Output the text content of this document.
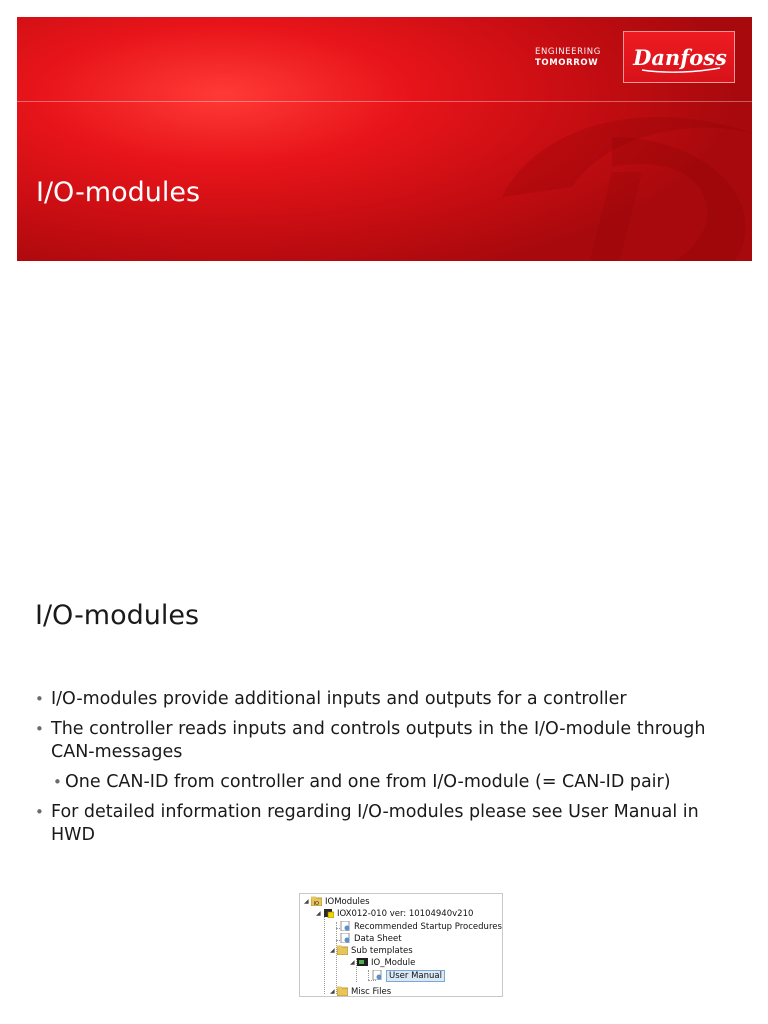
ENGINEERING
TOMORROW	Danfoss
I/O-modules
I/O-modules
• I/O-modules provide additional inputs and outputs for a controller
• The controller reads inputs and controls outputs in the I/O-module through CAN-messages
• One CAN-ID from controller and one from I/O-module (= CAN-ID pair)
• For detailed information regarding I/O-modules please see User Manual in HWD
◢ IO IOModules
◢ IOX012-010 ver: 10104940v210
Recommended Startup Procedures
Data Sheet
◢ Sub templates
◢ IO_Module
User Manual
◢ Misc Files
